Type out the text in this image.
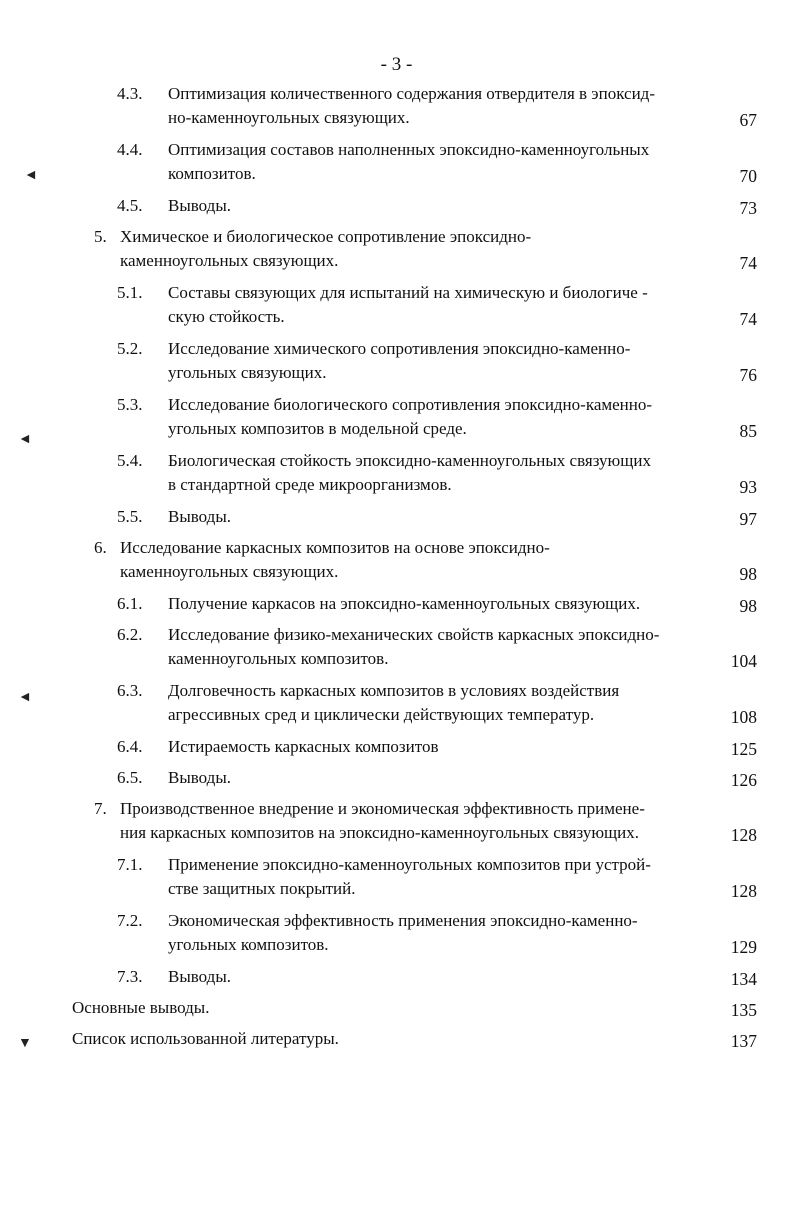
- 3 -
◄
◄
◄
▼
4.3. Оптимизация количественного содержания отвердителя в эпоксид-
но-каменноугольных связующих.	67
4.4. Оптимизация составов наполненных эпоксидно-каменноугольных
композитов.	70
4.5. Выводы.	73
5. Химическое и биологическое сопротивление эпоксидно-
каменноугольных связующих.	74
5.1. Составы связующих для испытаний на химическую и биологиче -
скую стойкость.	74
5.2. Исследование химического сопротивления эпоксидно-каменно-
угольных связующих.	76
5.3. Исследование биологического сопротивления эпоксидно-каменно-
угольных композитов в модельной среде.	85
5.4. Биологическая стойкость эпоксидно-каменноугольных связующих
в стандартной среде микроорганизмов.	93
5.5. Выводы.	97
6. Исследование каркасных композитов на основе эпоксидно-
каменноугольных связующих.	98
6.1. Получение каркасов на эпоксидно-каменноугольных связующих.	98
6.2. Исследование физико-механических свойств каркасных эпоксидно-
каменноугольных композитов.	104
6.3. Долговечность каркасных композитов в условиях воздействия
агрессивных сред и циклически действующих температур.	108
6.4. Истираемость каркасных композитов	125
6.5. Выводы.	126
7. Производственное внедрение и экономическая эффективность примене-
ния каркасных композитов на эпоксидно-каменноугольных связующих.	128
7.1. Применение эпоксидно-каменноугольных композитов при устрой-
стве защитных покрытий.	128
7.2. Экономическая эффективность применения эпоксидно-каменно-
угольных композитов.	129
7.3. Выводы.	134
Основные выводы.	135
Список использованной литературы.	137
